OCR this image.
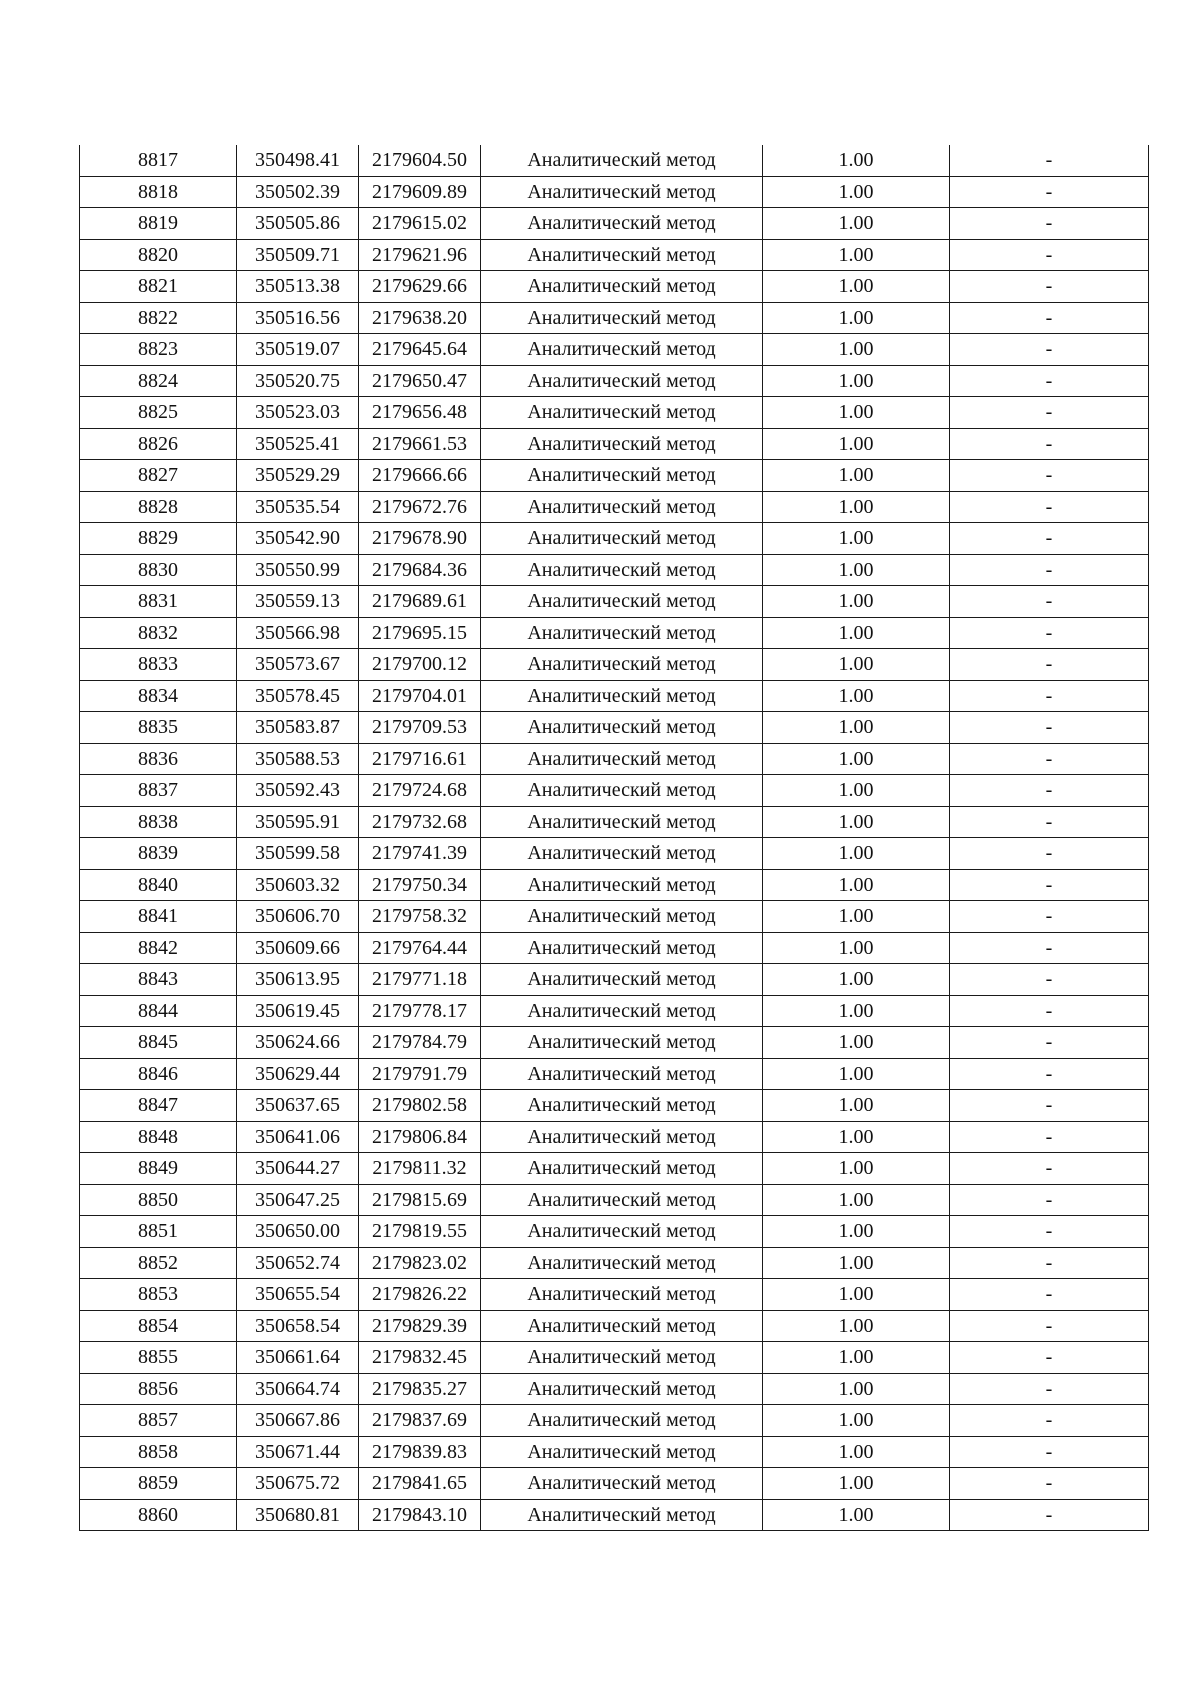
8817	350498.41	2179604.50	Аналитический метод	1.00	-
8818	350502.39	2179609.89	Аналитический метод	1.00	-
8819	350505.86	2179615.02	Аналитический метод	1.00	-
8820	350509.71	2179621.96	Аналитический метод	1.00	-
8821	350513.38	2179629.66	Аналитический метод	1.00	-
8822	350516.56	2179638.20	Аналитический метод	1.00	-
8823	350519.07	2179645.64	Аналитический метод	1.00	-
8824	350520.75	2179650.47	Аналитический метод	1.00	-
8825	350523.03	2179656.48	Аналитический метод	1.00	-
8826	350525.41	2179661.53	Аналитический метод	1.00	-
8827	350529.29	2179666.66	Аналитический метод	1.00	-
8828	350535.54	2179672.76	Аналитический метод	1.00	-
8829	350542.90	2179678.90	Аналитический метод	1.00	-
8830	350550.99	2179684.36	Аналитический метод	1.00	-
8831	350559.13	2179689.61	Аналитический метод	1.00	-
8832	350566.98	2179695.15	Аналитический метод	1.00	-
8833	350573.67	2179700.12	Аналитический метод	1.00	-
8834	350578.45	2179704.01	Аналитический метод	1.00	-
8835	350583.87	2179709.53	Аналитический метод	1.00	-
8836	350588.53	2179716.61	Аналитический метод	1.00	-
8837	350592.43	2179724.68	Аналитический метод	1.00	-
8838	350595.91	2179732.68	Аналитический метод	1.00	-
8839	350599.58	2179741.39	Аналитический метод	1.00	-
8840	350603.32	2179750.34	Аналитический метод	1.00	-
8841	350606.70	2179758.32	Аналитический метод	1.00	-
8842	350609.66	2179764.44	Аналитический метод	1.00	-
8843	350613.95	2179771.18	Аналитический метод	1.00	-
8844	350619.45	2179778.17	Аналитический метод	1.00	-
8845	350624.66	2179784.79	Аналитический метод	1.00	-
8846	350629.44	2179791.79	Аналитический метод	1.00	-
8847	350637.65	2179802.58	Аналитический метод	1.00	-
8848	350641.06	2179806.84	Аналитический метод	1.00	-
8849	350644.27	2179811.32	Аналитический метод	1.00	-
8850	350647.25	2179815.69	Аналитический метод	1.00	-
8851	350650.00	2179819.55	Аналитический метод	1.00	-
8852	350652.74	2179823.02	Аналитический метод	1.00	-
8853	350655.54	2179826.22	Аналитический метод	1.00	-
8854	350658.54	2179829.39	Аналитический метод	1.00	-
8855	350661.64	2179832.45	Аналитический метод	1.00	-
8856	350664.74	2179835.27	Аналитический метод	1.00	-
8857	350667.86	2179837.69	Аналитический метод	1.00	-
8858	350671.44	2179839.83	Аналитический метод	1.00	-
8859	350675.72	2179841.65	Аналитический метод	1.00	-
8860	350680.81	2179843.10	Аналитический метод	1.00	-
